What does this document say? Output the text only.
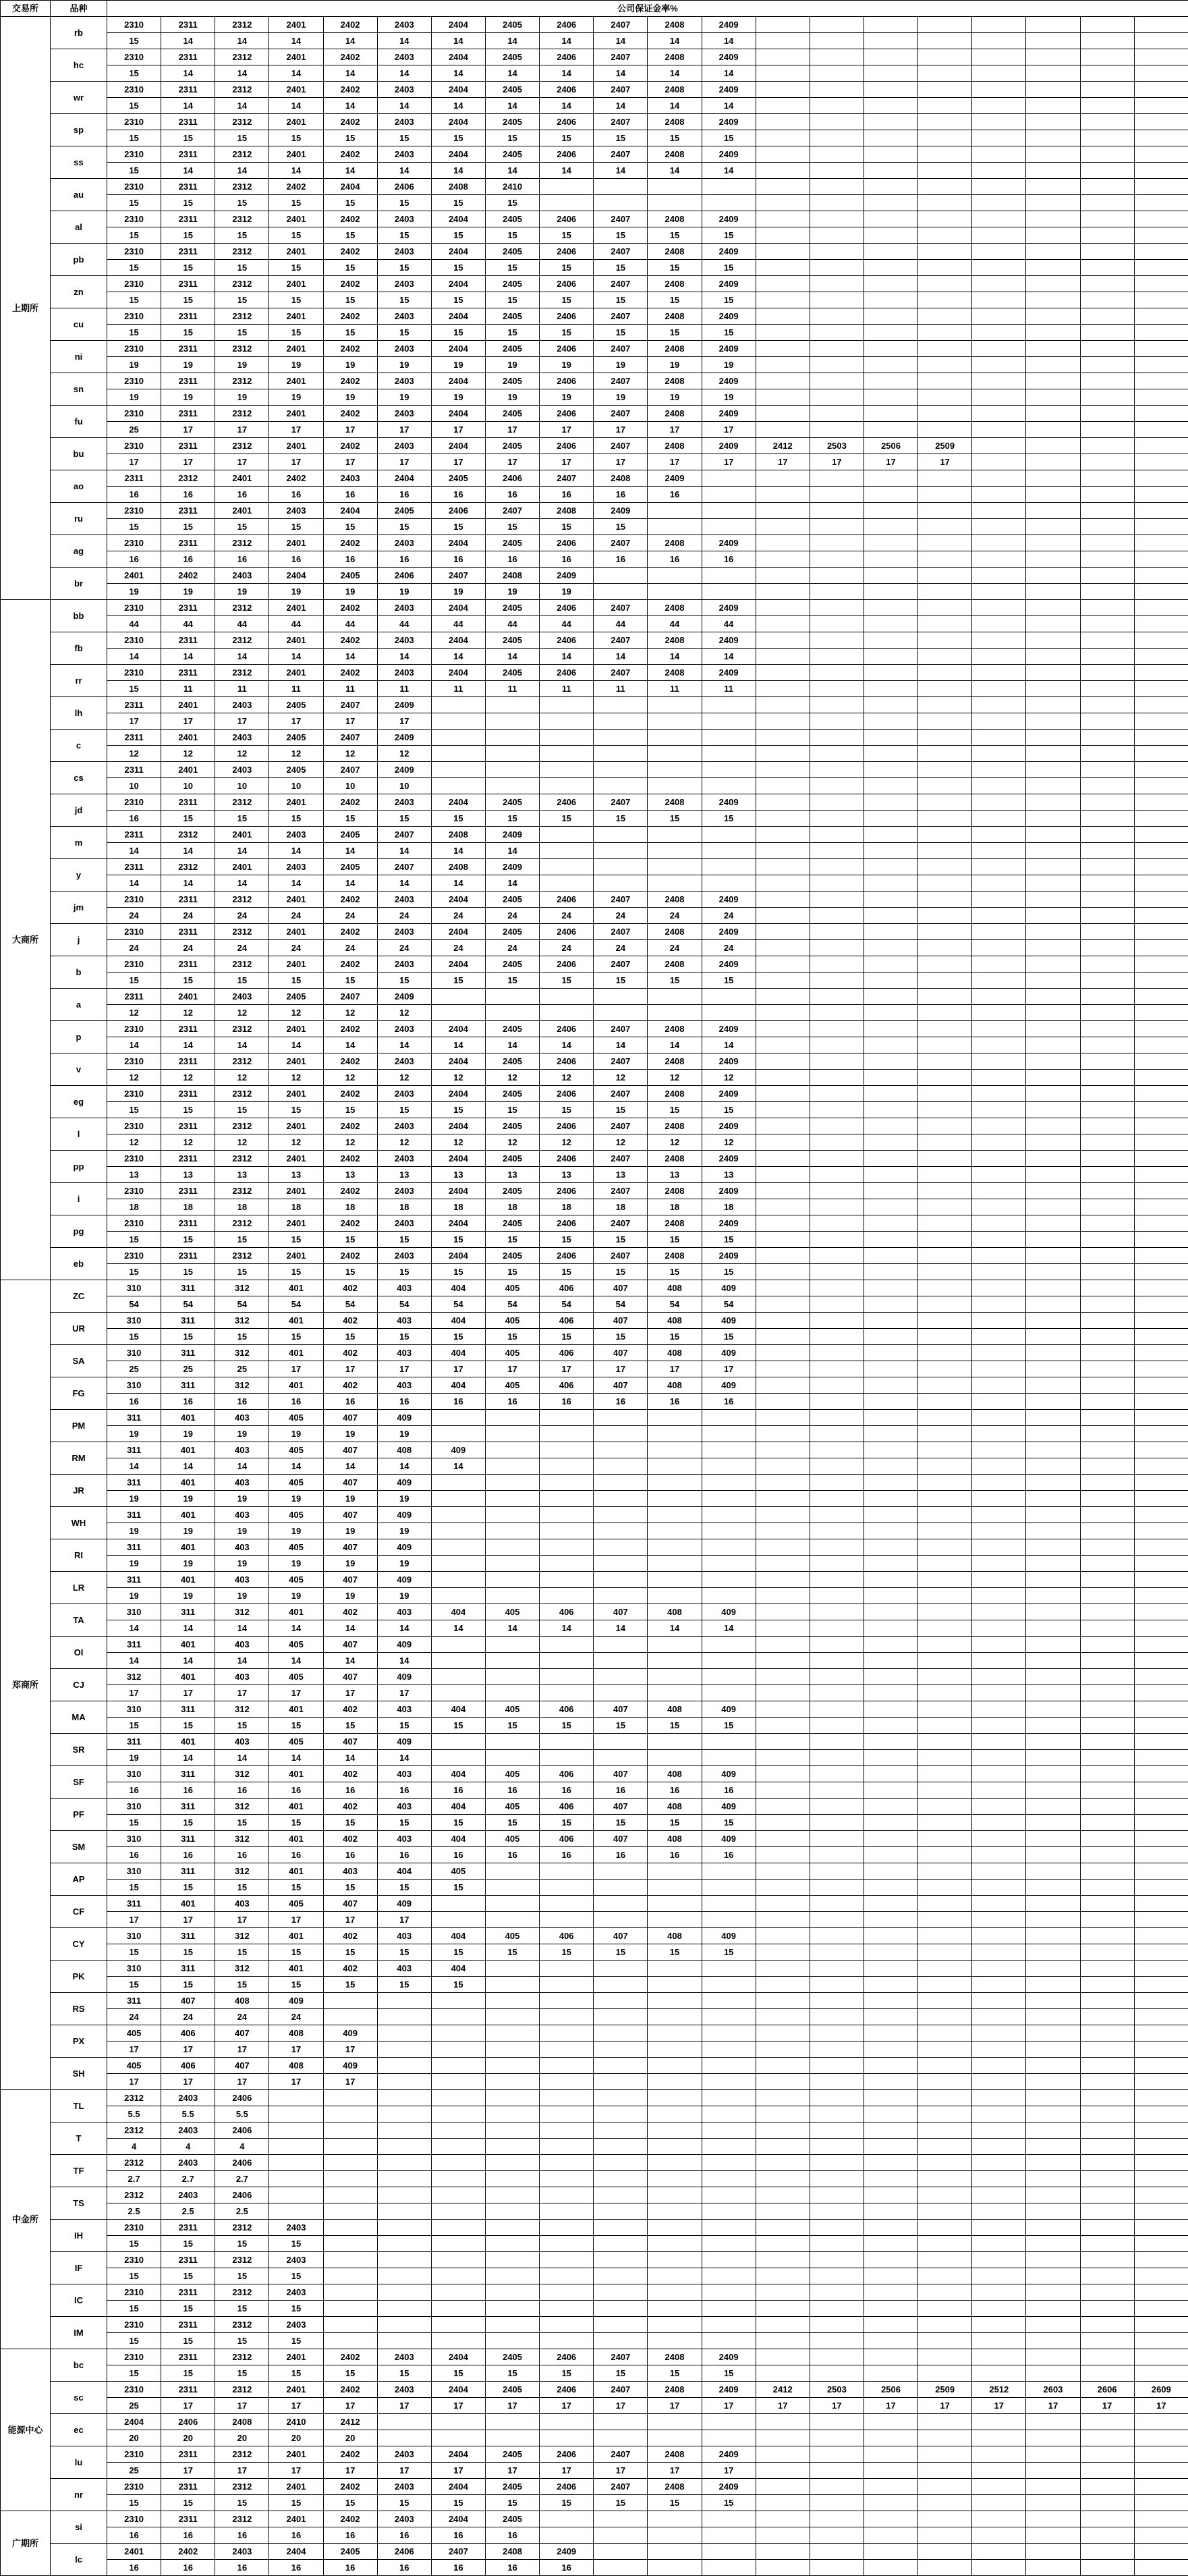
交易所	品种	公司保证金率%																			
上期所	rb	2310	2311	2312	2401	2402	2403	2404	2405	2406	2407	2408	2409								
		15	14	14	14	14	14	14	14	14	14	14	14								
	hc	2310	2311	2312	2401	2402	2403	2404	2405	2406	2407	2408	2409								
		15	14	14	14	14	14	14	14	14	14	14	14								
	wr	2310	2311	2312	2401	2402	2403	2404	2405	2406	2407	2408	2409								
		15	14	14	14	14	14	14	14	14	14	14	14								
	sp	2310	2311	2312	2401	2402	2403	2404	2405	2406	2407	2408	2409								
		15	15	15	15	15	15	15	15	15	15	15	15								
	ss	2310	2311	2312	2401	2402	2403	2404	2405	2406	2407	2408	2409								
		15	14	14	14	14	14	14	14	14	14	14	14								
	au	2310	2311	2312	2402	2404	2406	2408	2410												
		15	15	15	15	15	15	15	15												
	al	2310	2311	2312	2401	2402	2403	2404	2405	2406	2407	2408	2409								
		15	15	15	15	15	15	15	15	15	15	15	15								
	pb	2310	2311	2312	2401	2402	2403	2404	2405	2406	2407	2408	2409								
		15	15	15	15	15	15	15	15	15	15	15	15								
	zn	2310	2311	2312	2401	2402	2403	2404	2405	2406	2407	2408	2409								
		15	15	15	15	15	15	15	15	15	15	15	15								
	cu	2310	2311	2312	2401	2402	2403	2404	2405	2406	2407	2408	2409								
		15	15	15	15	15	15	15	15	15	15	15	15								
	ni	2310	2311	2312	2401	2402	2403	2404	2405	2406	2407	2408	2409								
		19	19	19	19	19	19	19	19	19	19	19	19								
	sn	2310	2311	2312	2401	2402	2403	2404	2405	2406	2407	2408	2409								
		19	19	19	19	19	19	19	19	19	19	19	19								
	fu	2310	2311	2312	2401	2402	2403	2404	2405	2406	2407	2408	2409								
		25	17	17	17	17	17	17	17	17	17	17	17								
	bu	2310	2311	2312	2401	2402	2403	2404	2405	2406	2407	2408	2409	2412	2503	2506	2509				
		17	17	17	17	17	17	17	17	17	17	17	17	17	17	17	17				
	ao	2311	2312	2401	2402	2403	2404	2405	2406	2407	2408	2409									
		16	16	16	16	16	16	16	16	16	16	16									
	ru	2310	2311	2401	2403	2404	2405	2406	2407	2408	2409										
		15	15	15	15	15	15	15	15	15	15										
	ag	2310	2311	2312	2401	2402	2403	2404	2405	2406	2407	2408	2409								
		16	16	16	16	16	16	16	16	16	16	16	16								
	br	2401	2402	2403	2404	2405	2406	2407	2408	2409											
		19	19	19	19	19	19	19	19	19											
大商所	bb	2310	2311	2312	2401	2402	2403	2404	2405	2406	2407	2408	2409								
		44	44	44	44	44	44	44	44	44	44	44	44								
	fb	2310	2311	2312	2401	2402	2403	2404	2405	2406	2407	2408	2409								
		14	14	14	14	14	14	14	14	14	14	14	14								
	rr	2310	2311	2312	2401	2402	2403	2404	2405	2406	2407	2408	2409								
		15	11	11	11	11	11	11	11	11	11	11	11								
	lh	2311	2401	2403	2405	2407	2409														
		17	17	17	17	17	17														
	c	2311	2401	2403	2405	2407	2409														
		12	12	12	12	12	12														
	cs	2311	2401	2403	2405	2407	2409														
		10	10	10	10	10	10														
	jd	2310	2311	2312	2401	2402	2403	2404	2405	2406	2407	2408	2409								
		16	15	15	15	15	15	15	15	15	15	15	15								
	m	2311	2312	2401	2403	2405	2407	2408	2409												
		14	14	14	14	14	14	14	14												
	y	2311	2312	2401	2403	2405	2407	2408	2409												
		14	14	14	14	14	14	14	14												
	jm	2310	2311	2312	2401	2402	2403	2404	2405	2406	2407	2408	2409								
		24	24	24	24	24	24	24	24	24	24	24	24								
	j	2310	2311	2312	2401	2402	2403	2404	2405	2406	2407	2408	2409								
		24	24	24	24	24	24	24	24	24	24	24	24								
	b	2310	2311	2312	2401	2402	2403	2404	2405	2406	2407	2408	2409								
		15	15	15	15	15	15	15	15	15	15	15	15								
	a	2311	2401	2403	2405	2407	2409														
		12	12	12	12	12	12														
	p	2310	2311	2312	2401	2402	2403	2404	2405	2406	2407	2408	2409								
		14	14	14	14	14	14	14	14	14	14	14	14								
	v	2310	2311	2312	2401	2402	2403	2404	2405	2406	2407	2408	2409								
		12	12	12	12	12	12	12	12	12	12	12	12								
	eg	2310	2311	2312	2401	2402	2403	2404	2405	2406	2407	2408	2409								
		15	15	15	15	15	15	15	15	15	15	15	15								
	l	2310	2311	2312	2401	2402	2403	2404	2405	2406	2407	2408	2409								
		12	12	12	12	12	12	12	12	12	12	12	12								
	pp	2310	2311	2312	2401	2402	2403	2404	2405	2406	2407	2408	2409								
		13	13	13	13	13	13	13	13	13	13	13	13								
	i	2310	2311	2312	2401	2402	2403	2404	2405	2406	2407	2408	2409								
		18	18	18	18	18	18	18	18	18	18	18	18								
	pg	2310	2311	2312	2401	2402	2403	2404	2405	2406	2407	2408	2409								
		15	15	15	15	15	15	15	15	15	15	15	15								
	eb	2310	2311	2312	2401	2402	2403	2404	2405	2406	2407	2408	2409								
		15	15	15	15	15	15	15	15	15	15	15	15								
郑商所	ZC	310	311	312	401	402	403	404	405	406	407	408	409								
		54	54	54	54	54	54	54	54	54	54	54	54								
	UR	310	311	312	401	402	403	404	405	406	407	408	409								
		15	15	15	15	15	15	15	15	15	15	15	15								
	SA	310	311	312	401	402	403	404	405	406	407	408	409								
		25	25	25	17	17	17	17	17	17	17	17	17								
	FG	310	311	312	401	402	403	404	405	406	407	408	409								
		16	16	16	16	16	16	16	16	16	16	16	16								
	PM	311	401	403	405	407	409														
		19	19	19	19	19	19														
	RM	311	401	403	405	407	408	409													
		14	14	14	14	14	14	14													
	JR	311	401	403	405	407	409														
		19	19	19	19	19	19														
	WH	311	401	403	405	407	409														
		19	19	19	19	19	19														
	RI	311	401	403	405	407	409														
		19	19	19	19	19	19														
	LR	311	401	403	405	407	409														
		19	19	19	19	19	19														
	TA	310	311	312	401	402	403	404	405	406	407	408	409								
		14	14	14	14	14	14	14	14	14	14	14	14								
	OI	311	401	403	405	407	409														
		14	14	14	14	14	14														
	CJ	312	401	403	405	407	409														
		17	17	17	17	17	17														
	MA	310	311	312	401	402	403	404	405	406	407	408	409								
		15	15	15	15	15	15	15	15	15	15	15	15								
	SR	311	401	403	405	407	409														
		19	14	14	14	14	14														
	SF	310	311	312	401	402	403	404	405	406	407	408	409								
		16	16	16	16	16	16	16	16	16	16	16	16								
	PF	310	311	312	401	402	403	404	405	406	407	408	409								
		15	15	15	15	15	15	15	15	15	15	15	15								
	SM	310	311	312	401	402	403	404	405	406	407	408	409								
		16	16	16	16	16	16	16	16	16	16	16	16								
	AP	310	311	312	401	403	404	405													
		15	15	15	15	15	15	15													
	CF	311	401	403	405	407	409														
		17	17	17	17	17	17														
	CY	310	311	312	401	402	403	404	405	406	407	408	409								
		15	15	15	15	15	15	15	15	15	15	15	15								
	PK	310	311	312	401	402	403	404													
		15	15	15	15	15	15	15													
	RS	311	407	408	409																
		24	24	24	24																
	PX	405	406	407	408	409															
		17	17	17	17	17															
	SH	405	406	407	408	409															
		17	17	17	17	17															
中金所	TL	2312	2403	2406																	
		5.5	5.5	5.5																	
	T	2312	2403	2406																	
		4	4	4																	
	TF	2312	2403	2406																	
		2.7	2.7	2.7																	
	TS	2312	2403	2406																	
		2.5	2.5	2.5																	
	IH	2310	2311	2312	2403																
		15	15	15	15																
	IF	2310	2311	2312	2403																
		15	15	15	15																
	IC	2310	2311	2312	2403																
		15	15	15	15																
	IM	2310	2311	2312	2403																
		15	15	15	15																
能源中心	bc	2310	2311	2312	2401	2402	2403	2404	2405	2406	2407	2408	2409								
		15	15	15	15	15	15	15	15	15	15	15	15								
	sc	2310	2311	2312	2401	2402	2403	2404	2405	2406	2407	2408	2409	2412	2503	2506	2509	2512	2603	2606	2609
		25	17	17	17	17	17	17	17	17	17	17	17	17	17	17	17	17	17	17	17
	ec	2404	2406	2408	2410	2412															
		20	20	20	20	20															
	lu	2310	2311	2312	2401	2402	2403	2404	2405	2406	2407	2408	2409								
		25	17	17	17	17	17	17	17	17	17	17	17								
	nr	2310	2311	2312	2401	2402	2403	2404	2405	2406	2407	2408	2409								
		15	15	15	15	15	15	15	15	15	15	15	15								
广期所	si	2310	2311	2312	2401	2402	2403	2404	2405												
		16	16	16	16	16	16	16	16												
	lc	2401	2402	2403	2404	2405	2406	2407	2408	2409											
		16	16	16	16	16	16	16	16	16											
